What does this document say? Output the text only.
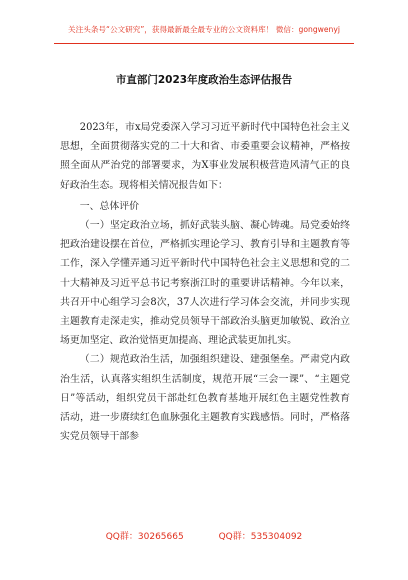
关注头条号“公文研究”，获得最新最全最专业的公文资料库！ 微信：gongwenyj
市直部门2023年度政治生态评估报告

2023年，市x局党委深入学习习近平新时代中国特色社会主义思想，全面贯彻落实党的二十大和省、市委重要会议精神，严格按照全面从严治党的部署要求，为X事业发展积极营造风清气正的良好政治生态。现将相关情况报告如下：

一、总体评价

（一）坚定政治立场，抓好武装头脑、凝心铸魂。局党委始终把政治建设摆在首位，严格抓实理论学习、教育引导和主题教育等工作，深入学懂弄通习近平新时代中国特色社会主义思想和党的二十大精神及习近平总书记考察浙江时的重要讲话精神。今年以来，共召开中心组学习会8次，37人次进行学习体会交流，并同步实现主题教育走深走实，推动党员领导干部政治头脑更加敏锐、政治立场更加坚定、政治觉悟更加提高、理论武装更加扎实。

（二）规范政治生活，加强组织建设、建强堡垒。严肃党内政治生活，认真落实组织生活制度，规范开展“三会一课”、“主题党日”等活动，组织党员干部赴红色教育基地开展红色主题党性教育活动，进一步赓续红色血脉强化主题教育实践感悟。同时，严格落实党员领导干部参

QQ群：30265665	QQ群：535304092
